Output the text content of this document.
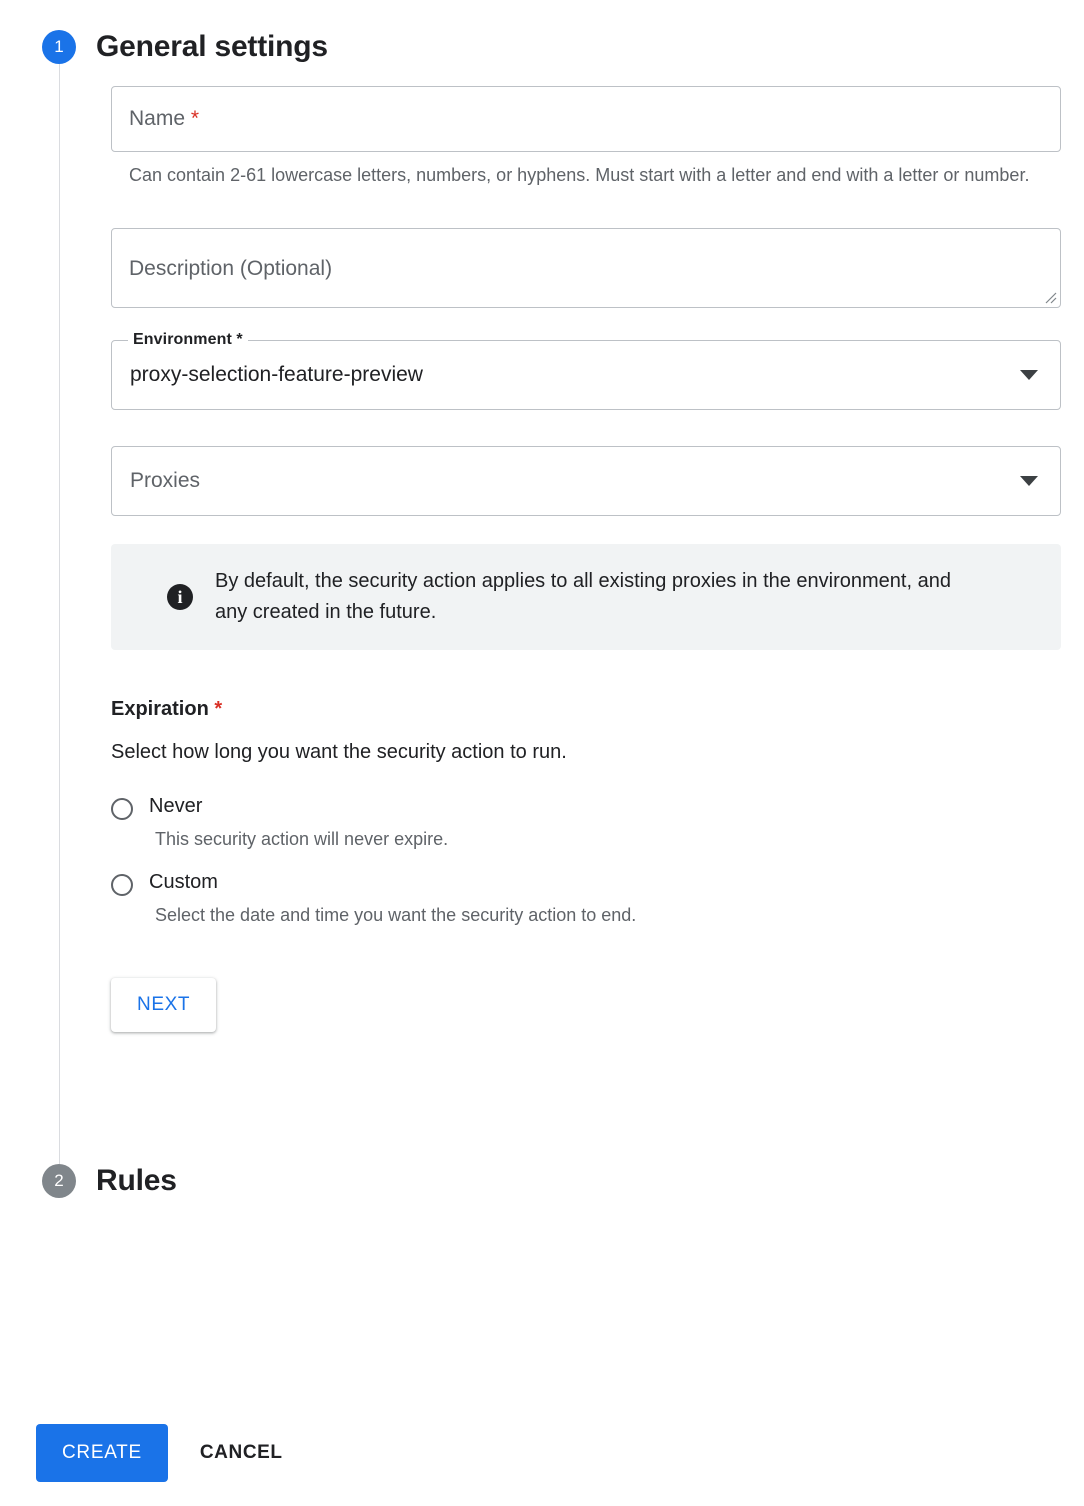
1	General settings
Name *
Can contain 2-61 lowercase letters, numbers, or hyphens. Must start with a letter and end with a letter or number.
Description (Optional)
Environment *
proxy-selection-feature-preview
Proxies
i
By default, the security action applies to all existing proxies in the environment, and any created in the future.
Expiration *
Select how long you want the security action to run.
Never
This security action will never expire.
Custom
Select the date and time you want the security action to end.
NEXT
2	Rules
CREATE	CANCEL
